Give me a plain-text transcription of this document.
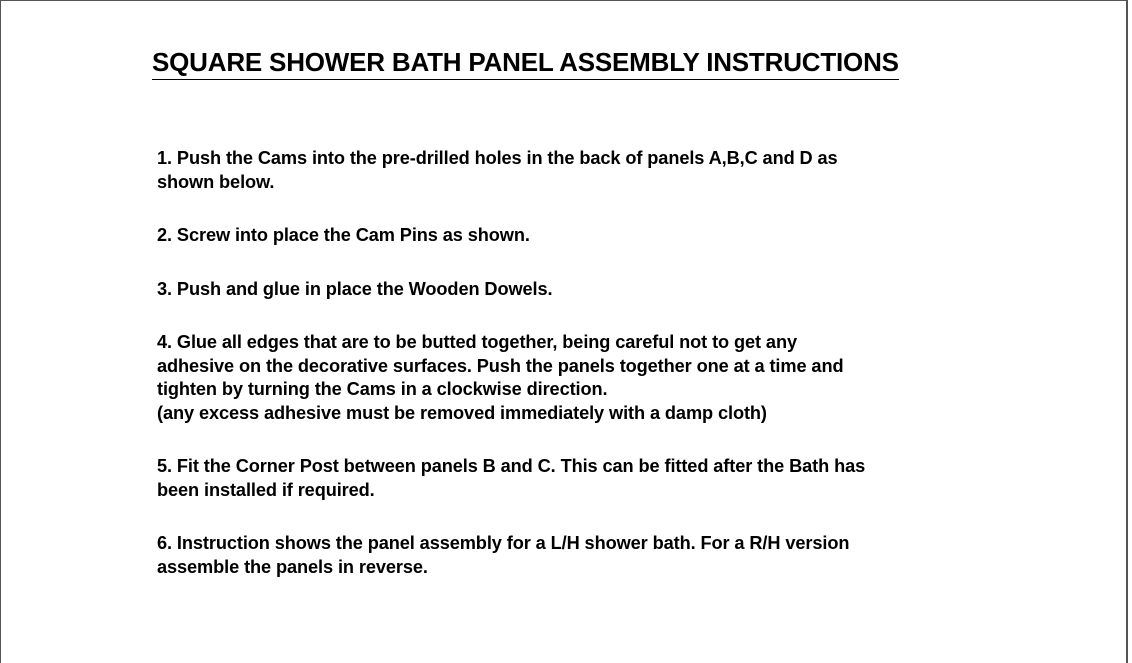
SQUARE SHOWER BATH PANEL ASSEMBLY INSTRUCTIONS
1. Push the Cams into the pre-drilled holes in the back of panels A,B,C and D as
shown below.
2. Screw into place the Cam Pins as shown.
3. Push and glue in place the Wooden Dowels.
4. Glue all edges that are to be butted together, being careful not to get any
adhesive on the decorative surfaces. Push the panels together one at a time and
tighten by turning the Cams in a clockwise direction.
(any excess adhesive must be removed immediately with a damp cloth)
5. Fit the Corner Post between panels B and C. This can be fitted after the Bath has
been installed if required.
6. Instruction shows the panel assembly for a L/H shower bath. For a R/H version
assemble the panels in reverse.
